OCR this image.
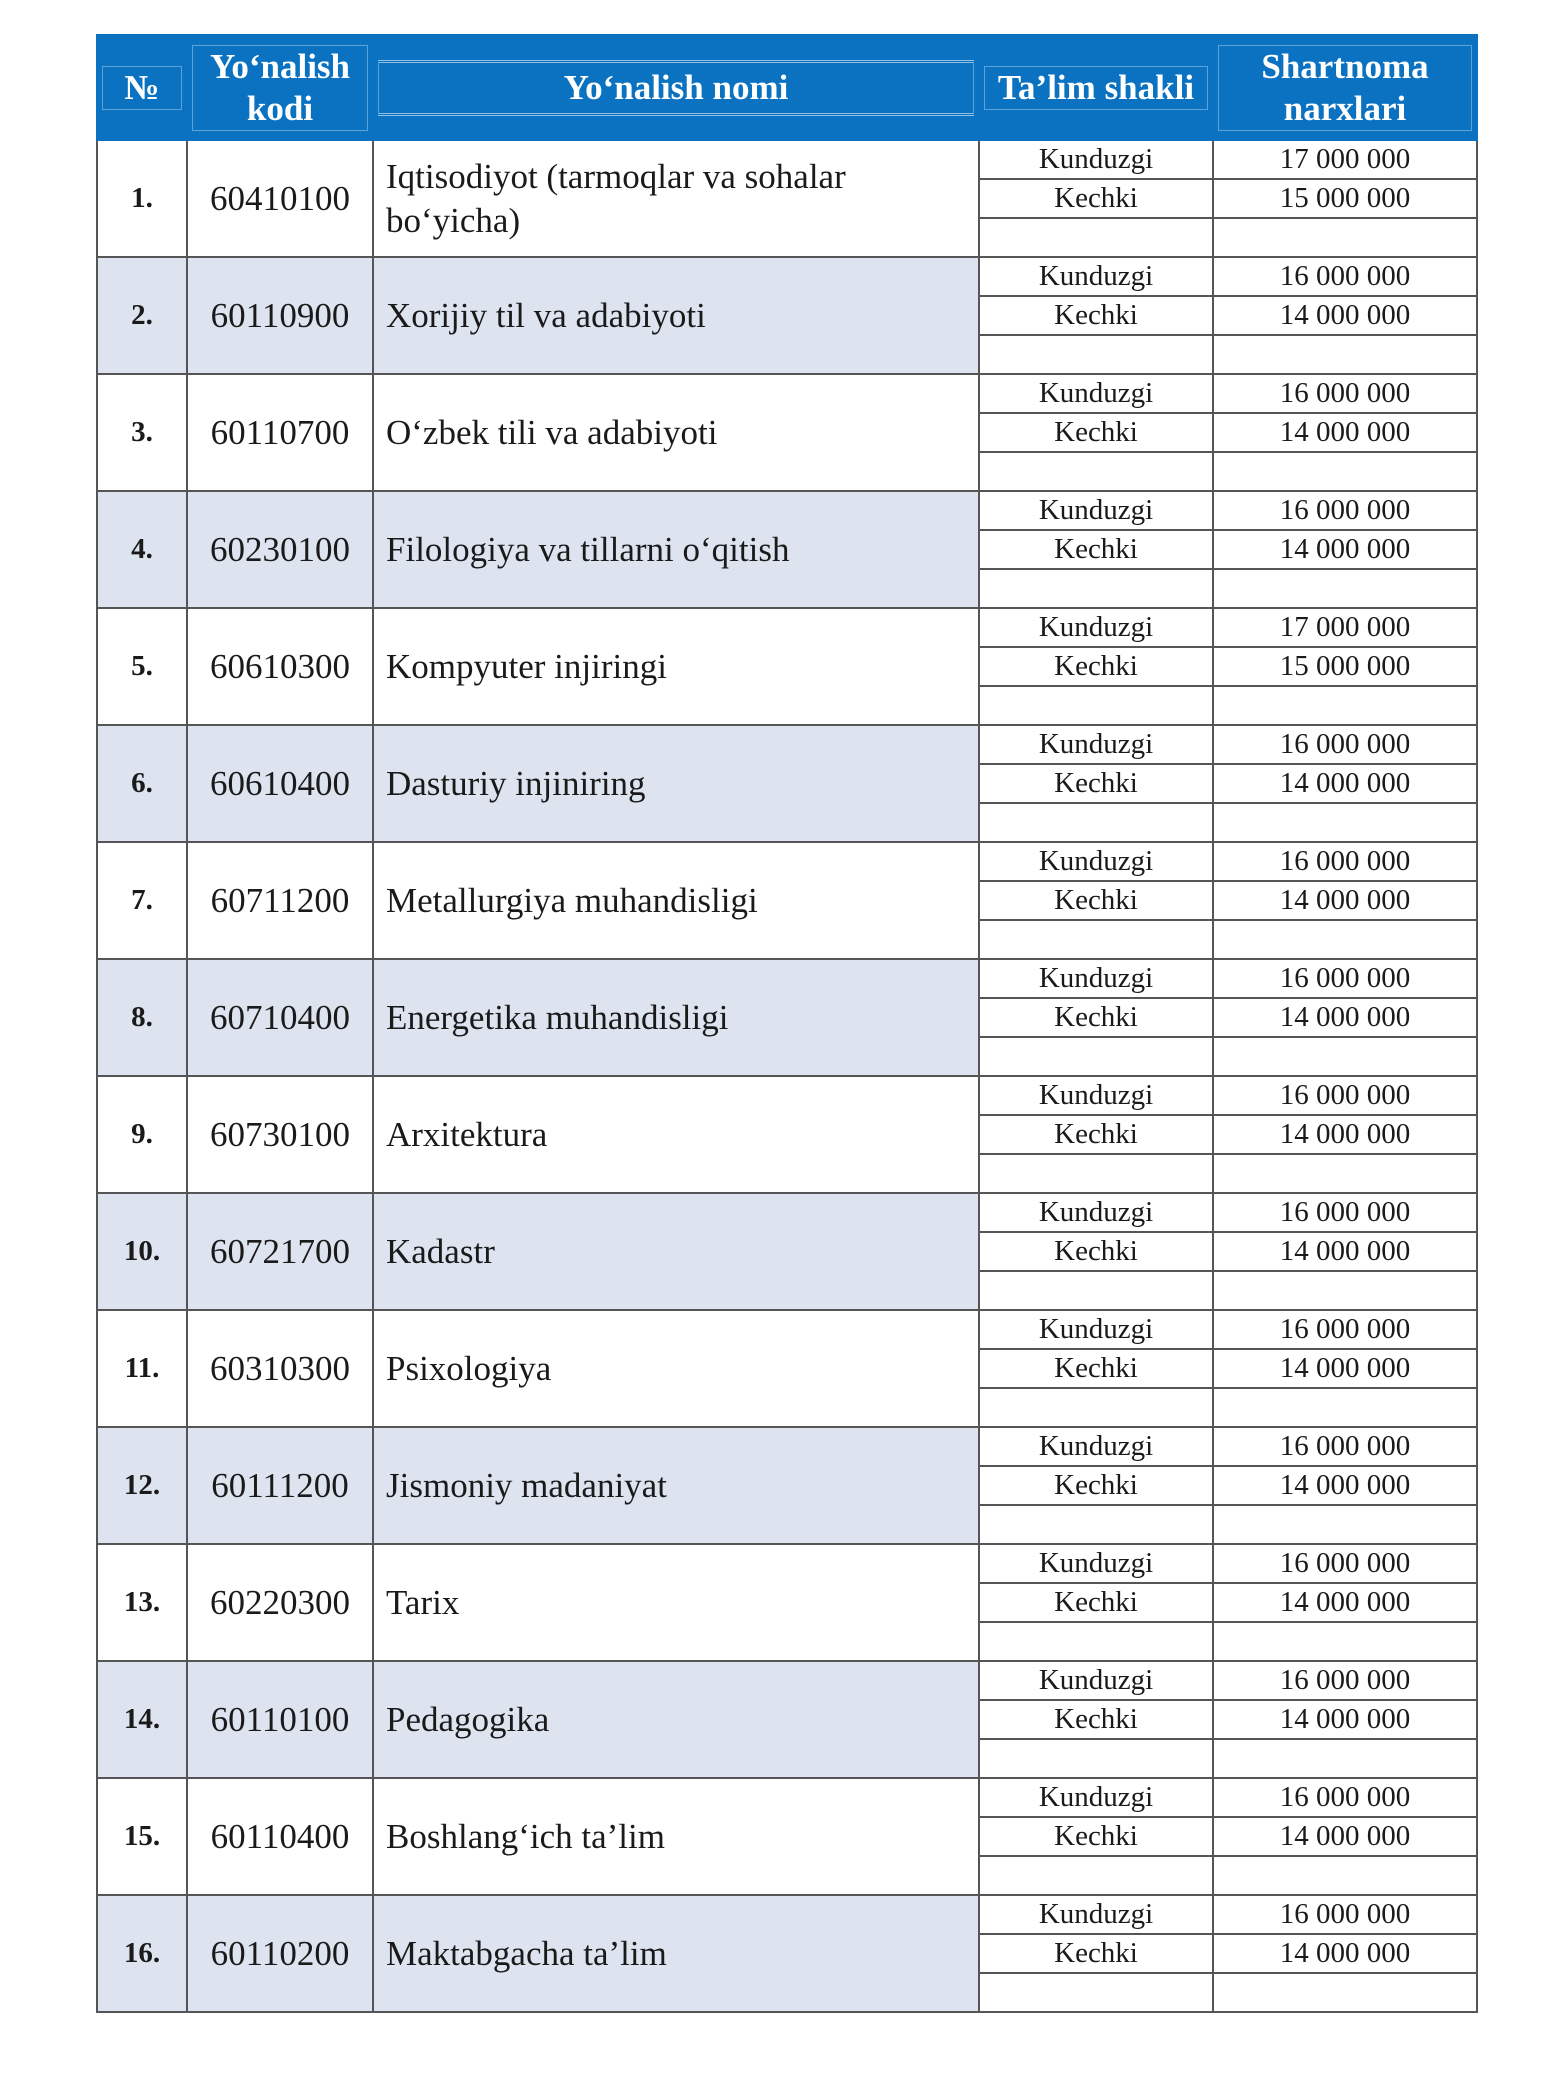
№	Yo‘nalish kodi	Yo‘nalish nomi	Ta’lim shakli	Shartnoma narxlari

1.	60410100	Iqtisodiyot (tarmoqlar va sohalar bo‘yicha)	Kunduzgi	17 000 000
			Kechki	15 000 000

2.	60110900	Xorijiy til va adabiyoti	Kunduzgi	16 000 000
			Kechki	14 000 000

3.	60110700	O‘zbek tili va adabiyoti	Kunduzgi	16 000 000
			Kechki	14 000 000

4.	60230100	Filologiya va tillarni o‘qitish	Kunduzgi	16 000 000
			Kechki	14 000 000

5.	60610300	Kompyuter injiringi	Kunduzgi	17 000 000
			Kechki	15 000 000

6.	60610400	Dasturiy injiniring	Kunduzgi	16 000 000
			Kechki	14 000 000

7.	60711200	Metallurgiya muhandisligi	Kunduzgi	16 000 000
			Kechki	14 000 000

8.	60710400	Energetika muhandisligi	Kunduzgi	16 000 000
			Kechki	14 000 000

9.	60730100	Arxitektura	Kunduzgi	16 000 000
			Kechki	14 000 000

10.	60721700	Kadastr	Kunduzgi	16 000 000
			Kechki	14 000 000

11.	60310300	Psixologiya	Kunduzgi	16 000 000
			Kechki	14 000 000

12.	60111200	Jismoniy madaniyat	Kunduzgi	16 000 000
			Kechki	14 000 000

13.	60220300	Tarix	Kunduzgi	16 000 000
			Kechki	14 000 000

14.	60110100	Pedagogika	Kunduzgi	16 000 000
			Kechki	14 000 000

15.	60110400	Boshlang‘ich ta’lim	Kunduzgi	16 000 000
			Kechki	14 000 000

16.	60110200	Maktabgacha ta’lim	Kunduzgi	16 000 000
			Kechki	14 000 000
